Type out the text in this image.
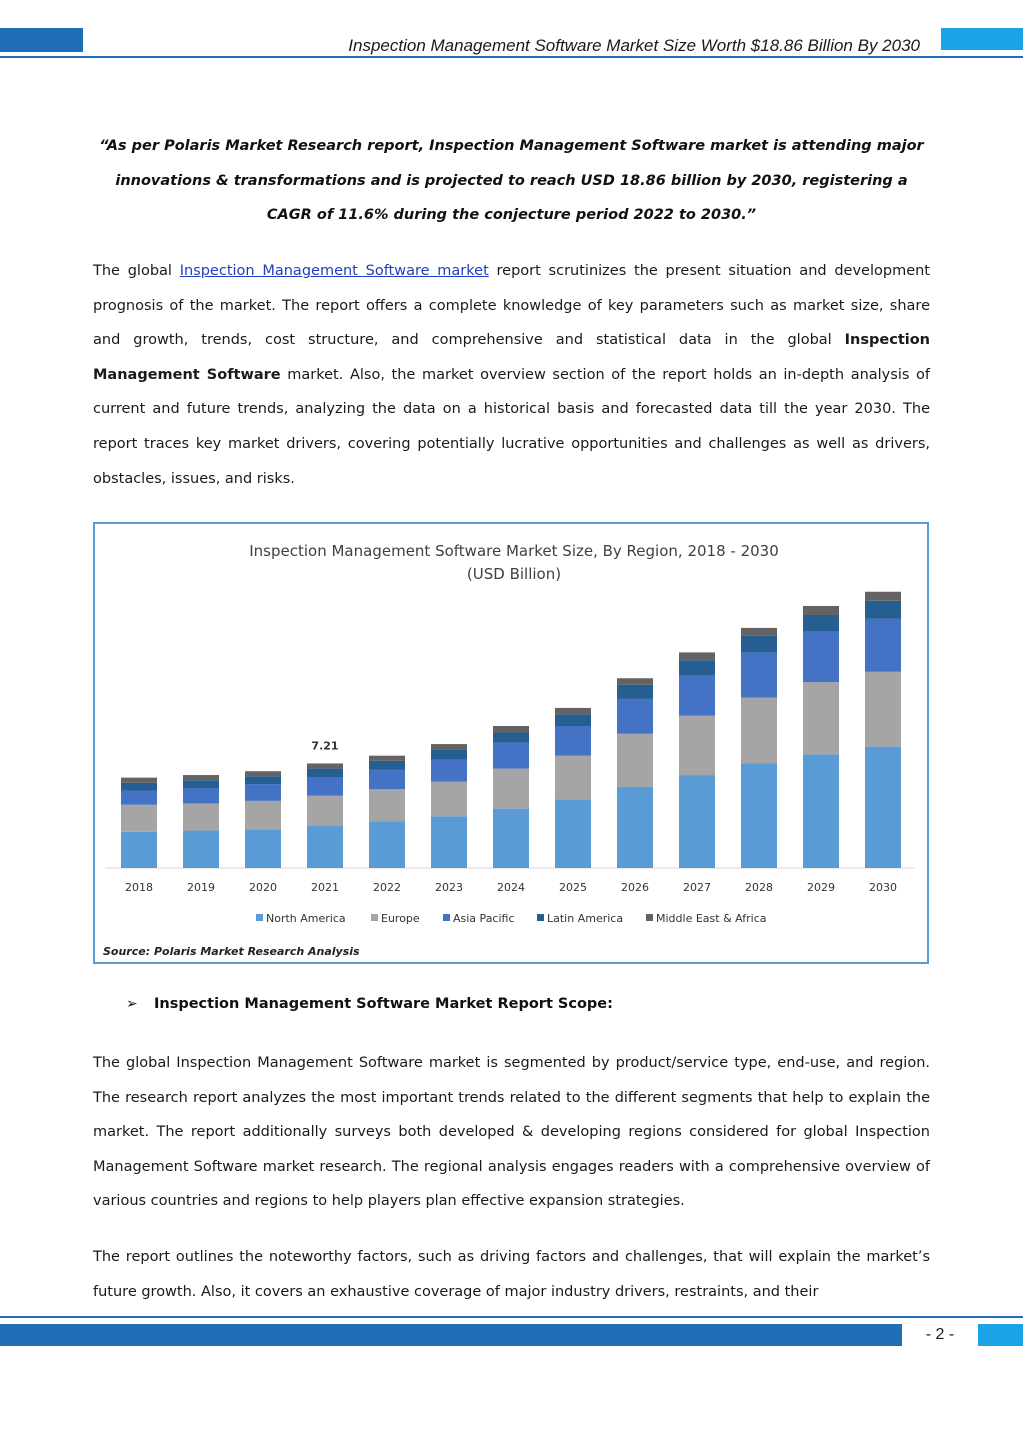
Inspection Management Software Market Size Worth $18.86 Billion By 2030
“As per Polaris Market Research report, Inspection Management Software market is attending major innovations & transformations and is projected to reach USD 18.86 billion by 2030, registering a CAGR of 11.6% during the conjecture period 2022 to 2030.”
The global Inspection Management Software market report scrutinizes the present situation and development prognosis of the market. The report offers a complete knowledge of key parameters such as market size, share and growth, trends, cost structure, and comprehensive and statistical data in the global Inspection Management Software market. Also, the market overview section of the report holds an in-depth analysis of current and future trends, analyzing the data on a historical basis and forecasted data till the year 2030. The report traces key market drivers, covering potentially lucrative opportunities and challenges as well as drivers, obstacles, issues, and risks.
Inspection Management Software Market Size, By Region, 2018 - 2030
(USD Billion)
2018	2019	2020	2021	2022	2023	2024	2025	2026	2027	2028	2029	2030
7.21
North America	Europe	Asia Pacific	Latin America	Middle East & Africa
Source: Polaris Market Research Analysis
➢ Inspection Management Software Market Report Scope:
The global Inspection Management Software market is segmented by product/service type, end-use, and region. The research report analyzes the most important trends related to the different segments that help to explain the market. The report additionally surveys both developed & developing regions considered for global Inspection Management Software market research. The regional analysis engages readers with a comprehensive overview of various countries and regions to help players plan effective expansion strategies.
The report outlines the noteworthy factors, such as driving factors and challenges, that will explain the market’s future growth. Also, it covers an exhaustive coverage of major industry drivers, restraints, and their
- 2 -
